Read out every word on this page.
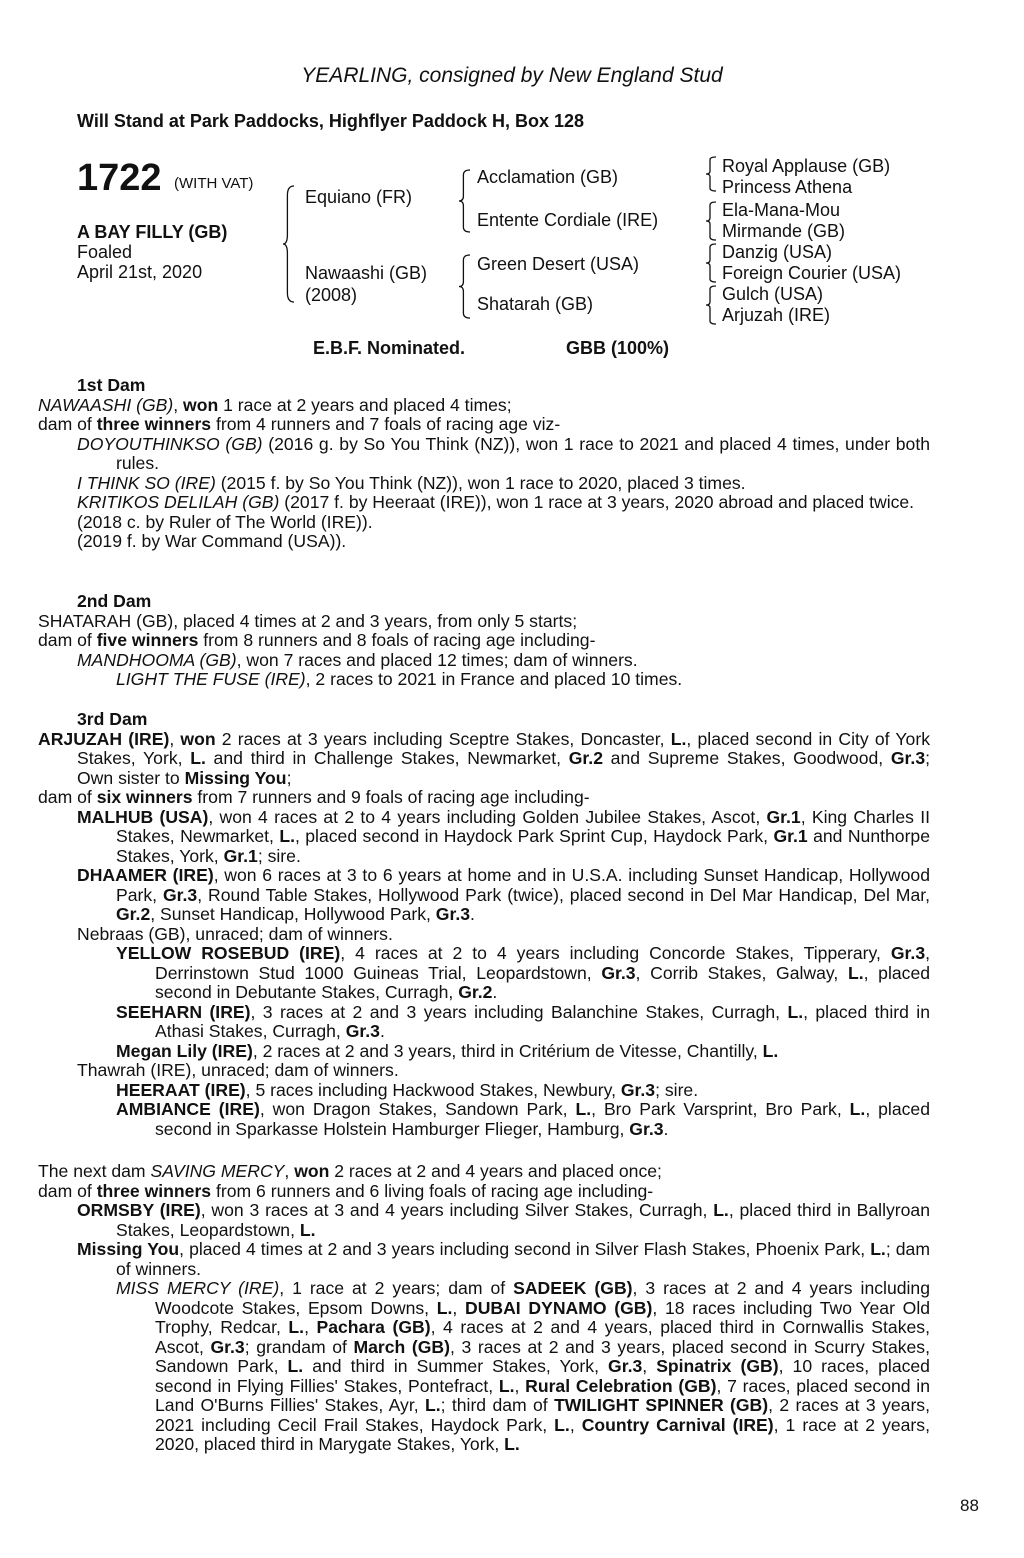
YEARLING, consigned by New England Stud
Will Stand at Park Paddocks, Highflyer Paddock H, Box 128
1722 (WITH VAT)
A BAY FILLY (GB)
Foaled
April 21st, 2020
Equiano (FR)
Nawaashi (GB)
(2008)
Acclamation (GB)
Entente Cordiale (IRE)
Green Desert (USA)
Shatarah (GB)
Royal Applause (GB)
Princess Athena
Ela-Mana-Mou
Mirmande (GB)
Danzig (USA)
Foreign Courier (USA)
Gulch (USA)
Arjuzah (IRE)
E.B.F. Nominated.	GBB (100%)
1st Dam
NAWAASHI (GB), won 1 race at 2 years and placed 4 times;
dam of three winners from 4 runners and 7 foals of racing age viz-
DOYOUTHINKSO (GB) (2016 g. by So You Think (NZ)), won 1 race to 2021 and placed 4 times, under both rules.
I THINK SO (IRE) (2015 f. by So You Think (NZ)), won 1 race to 2020, placed 3 times.
KRITIKOS DELILAH (GB) (2017 f. by Heeraat (IRE)), won 1 race at 3 years, 2020 abroad and placed twice.
(2018 c. by Ruler of The World (IRE)).
(2019 f. by War Command (USA)).
2nd Dam
SHATARAH (GB), placed 4 times at 2 and 3 years, from only 5 starts;
dam of five winners from 8 runners and 8 foals of racing age including-
MANDHOOMA (GB), won 7 races and placed 12 times; dam of winners.
LIGHT THE FUSE (IRE), 2 races to 2021 in France and placed 10 times.
3rd Dam
ARJUZAH (IRE), won 2 races at 3 years including Sceptre Stakes, Doncaster, L., placed second in City of York Stakes, York, L. and third in Challenge Stakes, Newmarket, Gr.2 and Supreme Stakes, Goodwood, Gr.3; Own sister to Missing You;
dam of six winners from 7 runners and 9 foals of racing age including-
MALHUB (USA), won 4 races at 2 to 4 years including Golden Jubilee Stakes, Ascot, Gr.1, King Charles II Stakes, Newmarket, L., placed second in Haydock Park Sprint Cup, Haydock Park, Gr.1 and Nunthorpe Stakes, York, Gr.1; sire.
DHAAMER (IRE), won 6 races at 3 to 6 years at home and in U.S.A. including Sunset Handicap, Hollywood Park, Gr.3, Round Table Stakes, Hollywood Park (twice), placed second in Del Mar Handicap, Del Mar, Gr.2, Sunset Handicap, Hollywood Park, Gr.3.
Nebraas (GB), unraced; dam of winners.
YELLOW ROSEBUD (IRE), 4 races at 2 to 4 years including Concorde Stakes, Tipperary, Gr.3, Derrinstown Stud 1000 Guineas Trial, Leopardstown, Gr.3, Corrib Stakes, Galway, L., placed second in Debutante Stakes, Curragh, Gr.2.
SEEHARN (IRE), 3 races at 2 and 3 years including Balanchine Stakes, Curragh, L., placed third in Athasi Stakes, Curragh, Gr.3.
Megan Lily (IRE), 2 races at 2 and 3 years, third in Critérium de Vitesse, Chantilly, L.
Thawrah (IRE), unraced; dam of winners.
HEERAAT (IRE), 5 races including Hackwood Stakes, Newbury, Gr.3; sire.
AMBIANCE (IRE), won Dragon Stakes, Sandown Park, L., Bro Park Varsprint, Bro Park, L., placed second in Sparkasse Holstein Hamburger Flieger, Hamburg, Gr.3.
The next dam SAVING MERCY, won 2 races at 2 and 4 years and placed once;
dam of three winners from 6 runners and 6 living foals of racing age including-
ORMSBY (IRE), won 3 races at 3 and 4 years including Silver Stakes, Curragh, L., placed third in Ballyroan Stakes, Leopardstown, L.
Missing You, placed 4 times at 2 and 3 years including second in Silver Flash Stakes, Phoenix Park, L.; dam of winners.
MISS MERCY (IRE), 1 race at 2 years; dam of SADEEK (GB), 3 races at 2 and 4 years including Woodcote Stakes, Epsom Downs, L., DUBAI DYNAMO (GB), 18 races including Two Year Old Trophy, Redcar, L., Pachara (GB), 4 races at 2 and 4 years, placed third in Cornwallis Stakes, Ascot, Gr.3; grandam of March (GB), 3 races at 2 and 3 years, placed second in Scurry Stakes, Sandown Park, L. and third in Summer Stakes, York, Gr.3, Spinatrix (GB), 10 races, placed second in Flying Fillies' Stakes, Pontefract, L., Rural Celebration (GB), 7 races, placed second in Land O'Burns Fillies' Stakes, Ayr, L.; third dam of TWILIGHT SPINNER (GB), 2 races at 3 years, 2021 including Cecil Frail Stakes, Haydock Park, L., Country Carnival (IRE), 1 race at 2 years, 2020, placed third in Marygate Stakes, York, L.
88
